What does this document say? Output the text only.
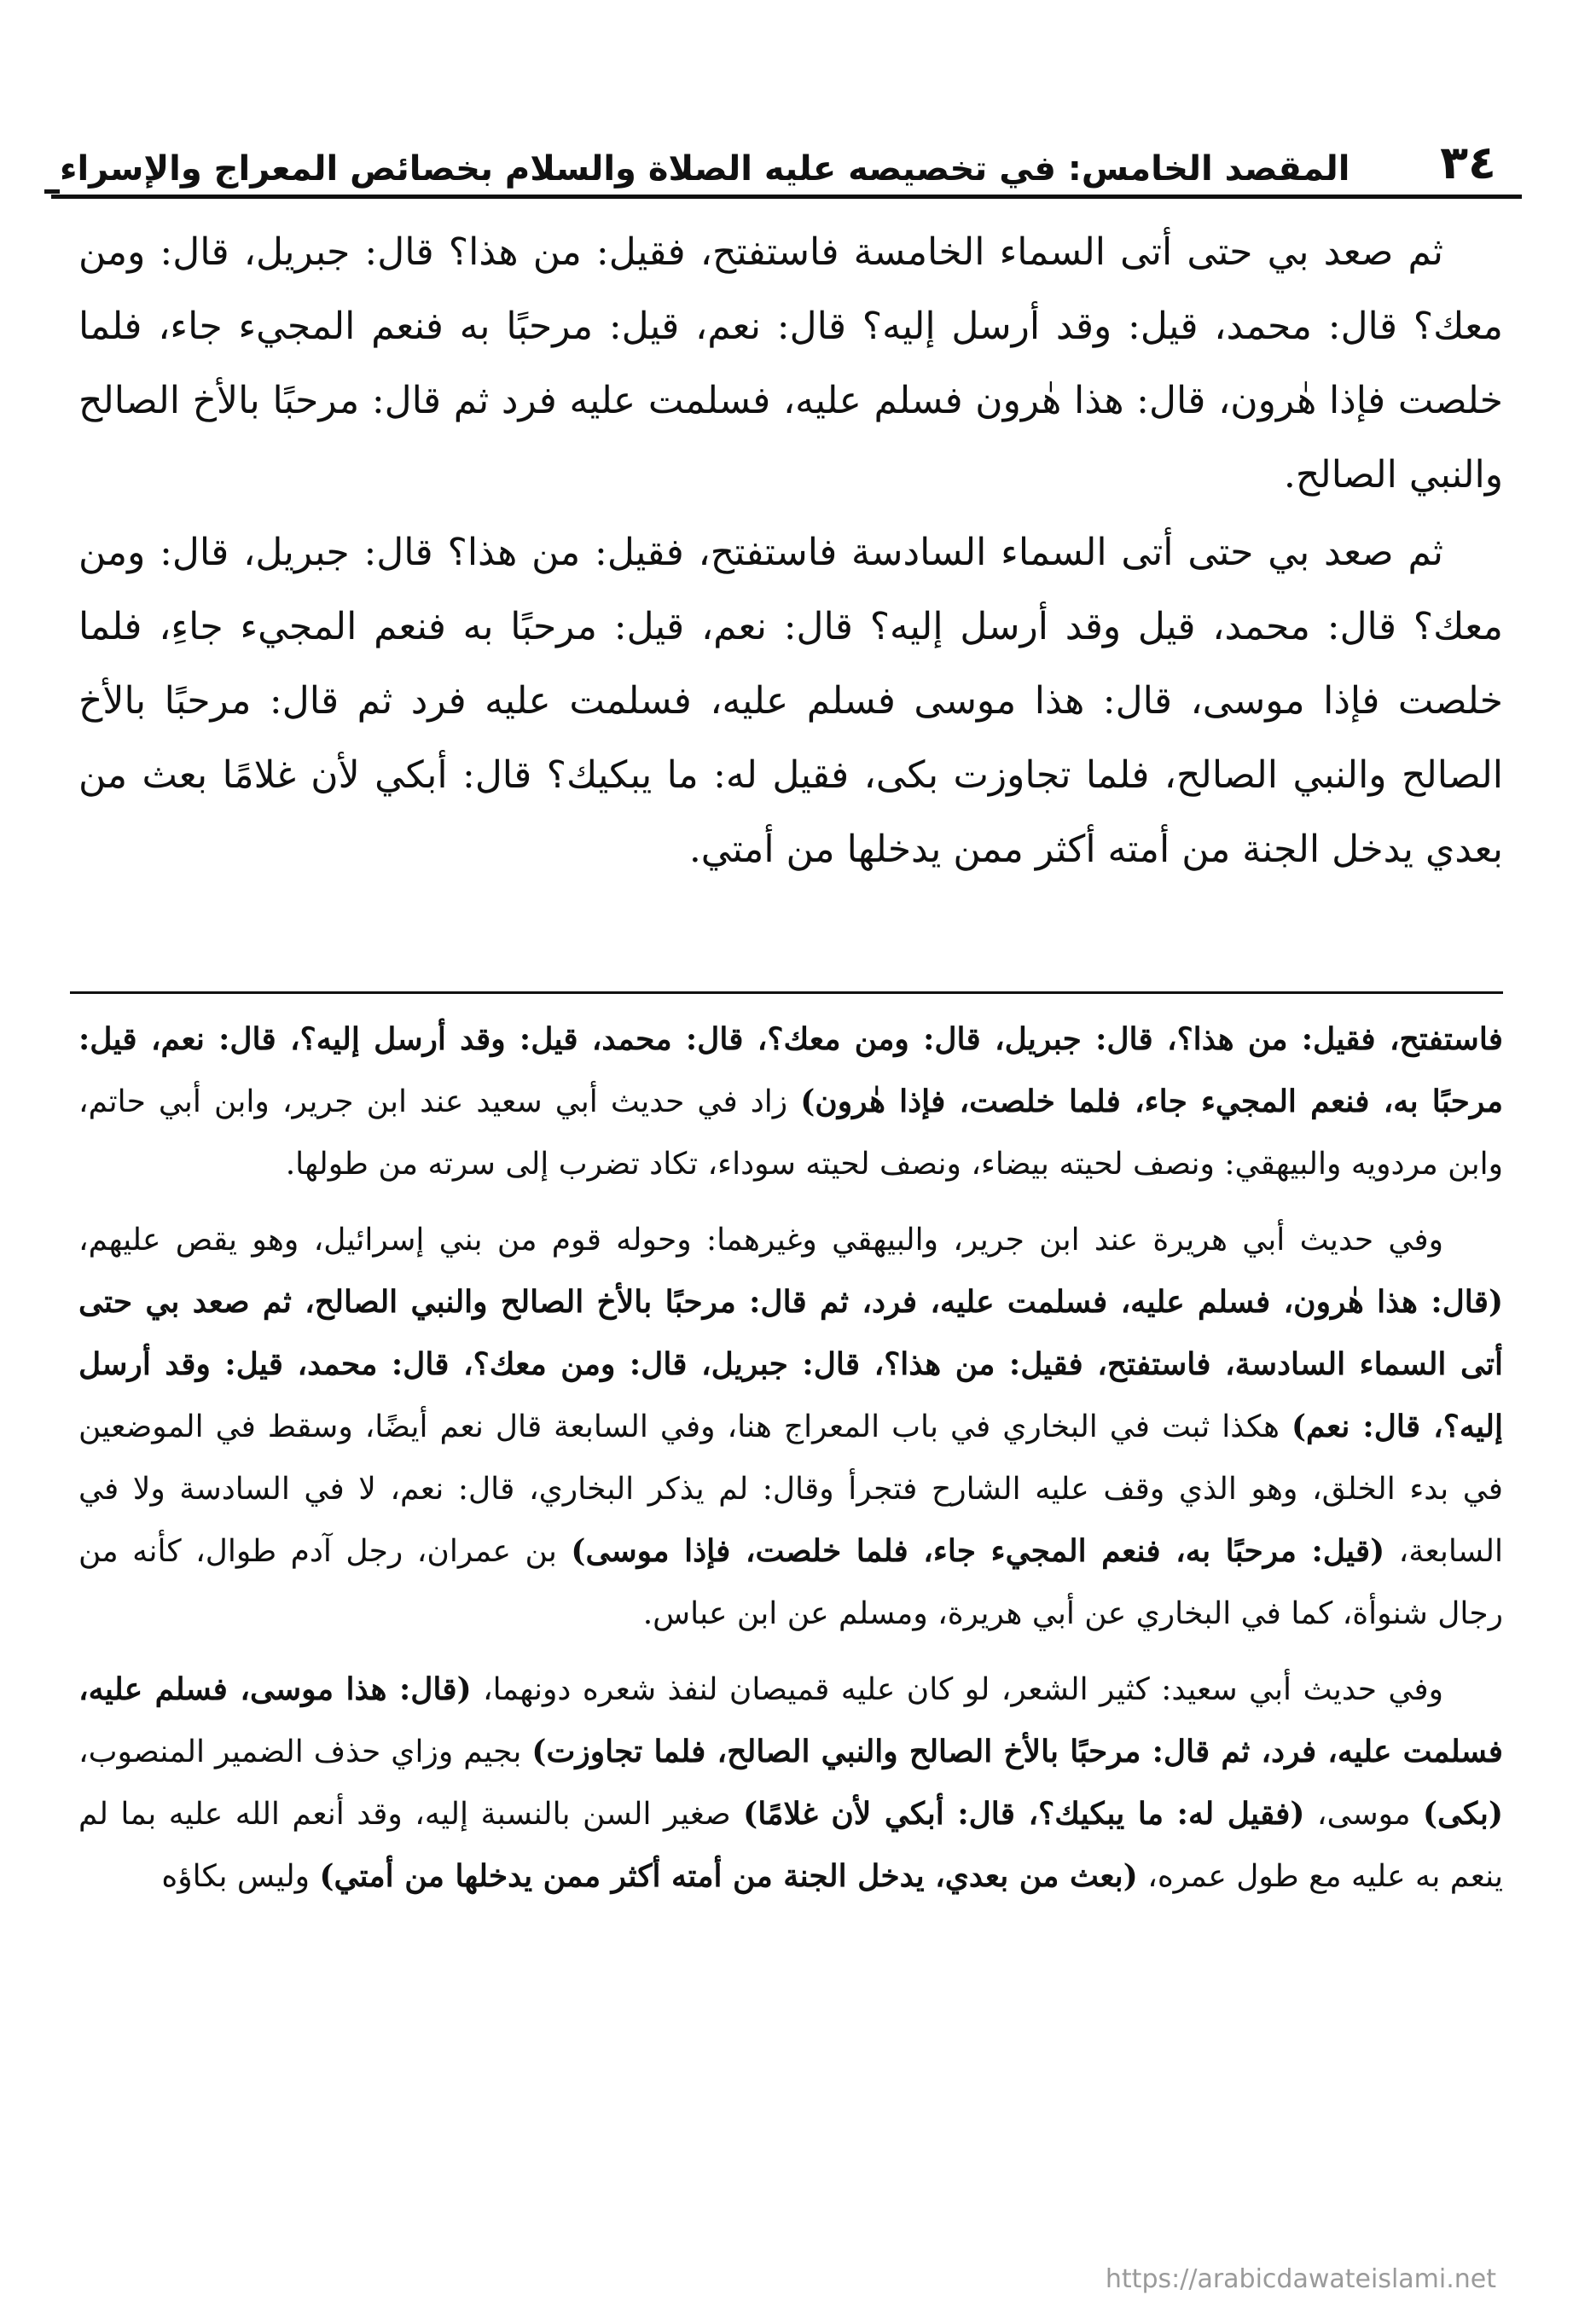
٣٤
المقصد الخامس: في تخصيصه عليه الصلاة والسلام بخصائص المعراج والإسراء

ثم صعد بي حتى أتى السماء الخامسة فاستفتح، فقيل: من هذا؟ قال: جبريل، قال: ومن معك؟ قال: محمد، قيل: وقد أرسل إليه؟ قال: نعم، قيل: مرحبًا به فنعم المجيء جاء، فلما خلصت فإذا هٰرون، قال: هذا هٰرون فسلم عليه، فسلمت عليه فرد ثم قال: مرحبًا بالأخ الصالح والنبي الصالح.

ثم صعد بي حتى أتى السماء السادسة فاستفتح، فقيل: من هذا؟ قال: جبريل، قال: ومن معك؟ قال: محمد، قيل وقد أرسل إليه؟ قال: نعم، قيل: مرحبًا به فنعم المجيء جاءِ، فلما خلصت فإذا موسى، قال: هذا موسى فسلم عليه، فسلمت عليه فرد ثم قال: مرحبًا بالأخ الصالح والنبي الصالح، فلما تجاوزت بكى، فقيل له: ما يبكيك؟ قال: أبكي لأن غلامًا بعث من بعدي يدخل الجنة من أمته أكثر ممن يدخلها من أمتي.

فاستفتح، فقيل: من هذا؟، قال: جبريل، قال: ومن معك؟، قال: محمد، قيل: وقد أرسل إليه؟، قال: نعم، قيل: مرحبًا به، فنعم المجيء جاء، فلما خلصت، فإذا هٰرون) زاد في حديث أبي سعيد عند ابن جرير، وابن أبي حاتم، وابن مردويه والبيهقي: ونصف لحيته بيضاء، ونصف لحيته سوداء، تكاد تضرب إلى سرته من طولها.

وفي حديث أبي هريرة عند ابن جرير، والبيهقي وغيرهما: وحوله قوم من بني إسرائيل، وهو يقص عليهم، (قال: هذا هٰرون، فسلم عليه، فسلمت عليه، فرد، ثم قال: مرحبًا بالأخ الصالح والنبي الصالح، ثم صعد بي حتى أتى السماء السادسة، فاستفتح، فقيل: من هذا؟، قال: جبريل، قال: ومن معك؟، قال: محمد، قيل: وقد أرسل إليه؟، قال: نعم) هكذا ثبت في البخاري في باب المعراج هنا، وفي السابعة قال نعم أيضًا، وسقط في الموضعين في بدء الخلق، وهو الذي وقف عليه الشارح فتجرأ وقال: لم يذكر البخاري، قال: نعم، لا في السادسة ولا في السابعة، (قيل: مرحبًا به، فنعم المجيء جاء، فلما خلصت، فإذا موسى) بن عمران، رجل آدم طوال، كأنه من رجال شنوأة، كما في البخاري عن أبي هريرة، ومسلم عن ابن عباس.

وفي حديث أبي سعيد: كثير الشعر، لو كان عليه قميصان لنفذ شعره دونهما، (قال: هذا موسى، فسلم عليه، فسلمت عليه، فرد، ثم قال: مرحبًا بالأخ الصالح والنبي الصالح، فلما تجاوزت) بجيم وزاي حذف الضمير المنصوب، (بكى) موسى، (فقيل له: ما يبكيك؟، قال: أبكي لأن غلامًا) صغير السن بالنسبة إليه، وقد أنعم الله عليه بما لم ينعم به عليه مع طول عمره، (بعث من بعدي، يدخل الجنة من أمته أكثر ممن يدخلها من أمتي) وليس بكاؤه

https://arabicdawateislami.net
